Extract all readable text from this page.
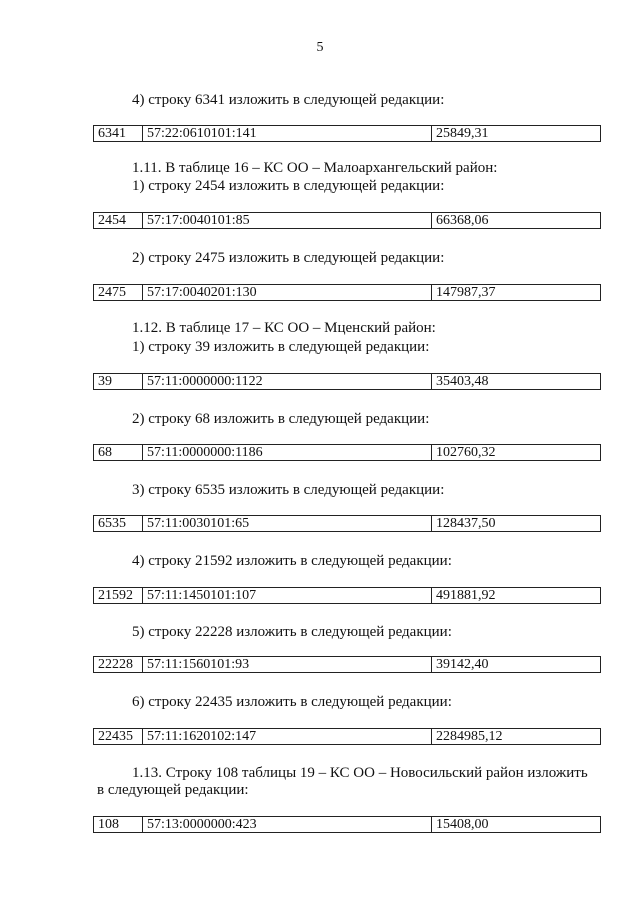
5
4) строку 6341 изложить в следующей редакции:
6341	57:22:0610101:141	25849,31
1.11. В таблице 16 – КС ОО – Малоархангельский район:
1) строку 2454 изложить в следующей редакции:
2454	57:17:0040101:85	66368,06
2) строку 2475 изложить в следующей редакции:
2475	57:17:0040201:130	147987,37
1.12. В таблице 17 – КС ОО – Мценский район:
1) строку 39 изложить в следующей редакции:
39	57:11:0000000:1122	35403,48
2) строку 68 изложить в следующей редакции:
68	57:11:0000000:1186	102760,32
3) строку 6535 изложить в следующей редакции:
6535	57:11:0030101:65	128437,50
4) строку 21592 изложить в следующей редакции:
21592	57:11:1450101:107	491881,92
5) строку 22228 изложить в следующей редакции:
22228	57:11:1560101:93	39142,40
6) строку 22435 изложить в следующей редакции:
22435	57:11:1620102:147	2284985,12
1.13. Строку 108 таблицы 19 – КС ОО – Новосильский район изложить
в следующей редакции:
108	57:13:0000000:423	15408,00
